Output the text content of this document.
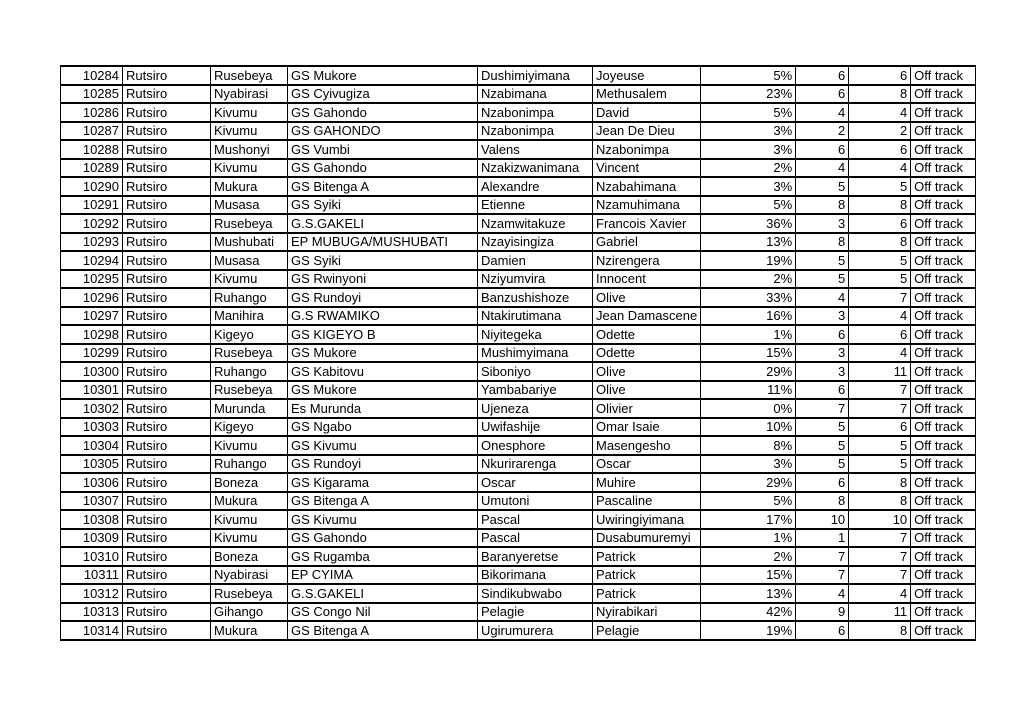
10284	Rutsiro	Rusebeya	GS Mukore	Dushimiyimana	Joyeuse	5%	6	6	Off track
10285	Rutsiro	Nyabirasi	GS Cyivugiza	Nzabimana	Methusalem	23%	6	8	Off track
10286	Rutsiro	Kivumu	GS Gahondo	Nzabonimpa	David	5%	4	4	Off track
10287	Rutsiro	Kivumu	GS GAHONDO	Nzabonimpa	Jean De Dieu	3%	2	2	Off track
10288	Rutsiro	Mushonyi	GS Vumbi	Valens	Nzabonimpa	3%	6	6	Off track
10289	Rutsiro	Kivumu	GS Gahondo	Nzakizwanimana	Vincent	2%	4	4	Off track
10290	Rutsiro	Mukura	GS Bitenga A	Alexandre	Nzabahimana	3%	5	5	Off track
10291	Rutsiro	Musasa	GS Syiki	Etienne	Nzamuhimana	5%	8	8	Off track
10292	Rutsiro	Rusebeya	G.S.GAKELI	Nzamwitakuze	Francois Xavier	36%	3	6	Off track
10293	Rutsiro	Mushubati	EP MUBUGA/MUSHUBATI	Nzayisingiza	Gabriel	13%	8	8	Off track
10294	Rutsiro	Musasa	GS Syiki	Damien	Nzirengera	19%	5	5	Off track
10295	Rutsiro	Kivumu	GS Rwinyoni	Nziyumvira	Innocent	2%	5	5	Off track
10296	Rutsiro	Ruhango	GS Rundoyi	Banzushishoze	Olive	33%	4	7	Off track
10297	Rutsiro	Manihira	G.S RWAMIKO	Ntakirutimana	Jean Damascene	16%	3	4	Off track
10298	Rutsiro	Kigeyo	GS KIGEYO B	Niyitegeka	Odette	1%	6	6	Off track
10299	Rutsiro	Rusebeya	GS Mukore	Mushimyimana	Odette	15%	3	4	Off track
10300	Rutsiro	Ruhango	GS Kabitovu	Siboniyo	Olive	29%	3	11	Off track
10301	Rutsiro	Rusebeya	GS Mukore	Yambabariye	Olive	11%	6	7	Off track
10302	Rutsiro	Murunda	Es Murunda	Ujeneza	Olivier	0%	7	7	Off track
10303	Rutsiro	Kigeyo	GS Ngabo	Uwifashije	Omar Isaie	10%	5	6	Off track
10304	Rutsiro	Kivumu	GS Kivumu	Onesphore	Masengesho	8%	5	5	Off track
10305	Rutsiro	Ruhango	GS Rundoyi	Nkurirarenga	Oscar	3%	5	5	Off track
10306	Rutsiro	Boneza	GS Kigarama	Oscar	Muhire	29%	6	8	Off track
10307	Rutsiro	Mukura	GS Bitenga A	Umutoni	Pascaline	5%	8	8	Off track
10308	Rutsiro	Kivumu	GS Kivumu	Pascal	Uwiringiyimana	17%	10	10	Off track
10309	Rutsiro	Kivumu	GS Gahondo	Pascal	Dusabumuremyi	1%	1	7	Off track
10310	Rutsiro	Boneza	GS Rugamba	Baranyeretse	Patrick	2%	7	7	Off track
10311	Rutsiro	Nyabirasi	EP CYIMA	Bikorimana	Patrick	15%	7	7	Off track
10312	Rutsiro	Rusebeya	G.S.GAKELI	Sindikubwabo	Patrick	13%	4	4	Off track
10313	Rutsiro	Gihango	GS Congo Nil	Pelagie	Nyirabikari	42%	9	11	Off track
10314	Rutsiro	Mukura	GS Bitenga A	Ugirumurera	Pelagie	19%	6	8	Off track
